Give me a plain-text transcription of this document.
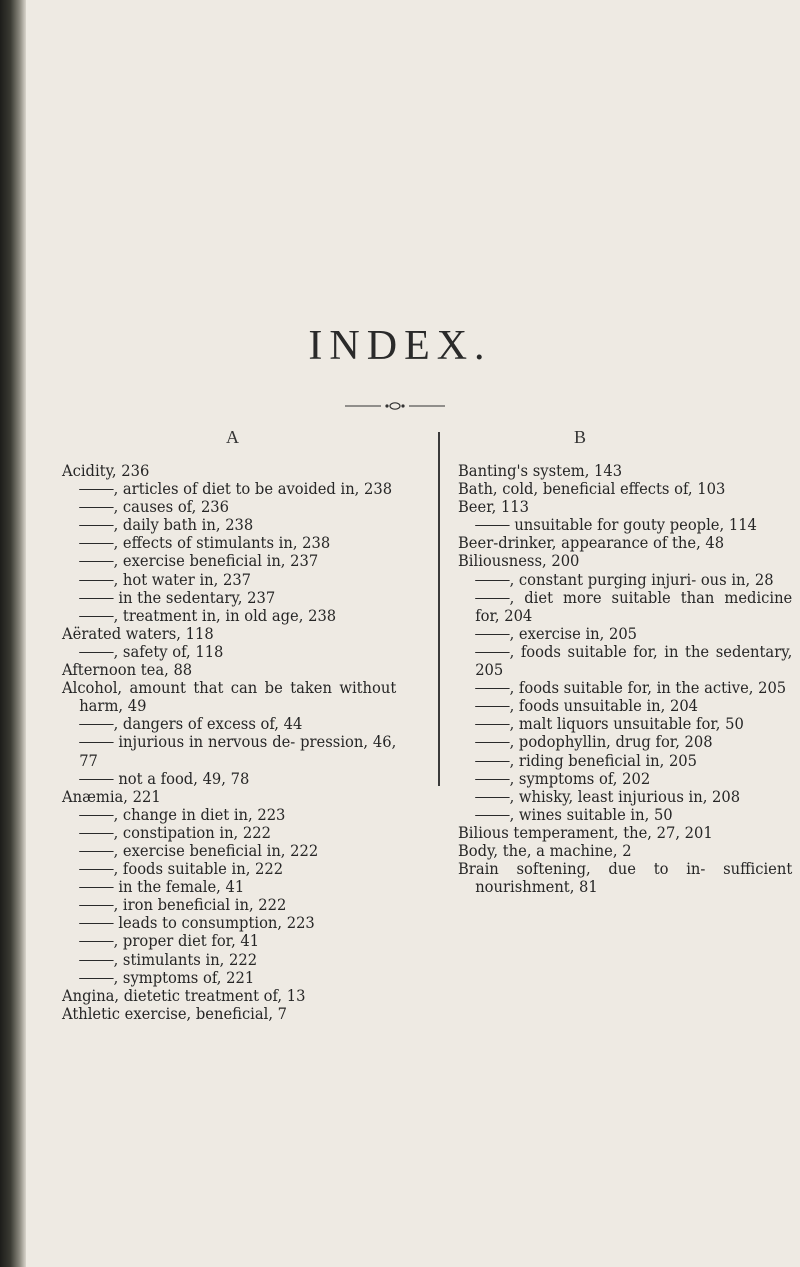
INDEX.
A	B
Acidity, 236
, articles of diet to be avoided in, 238
, causes of, 236
, daily bath in, 238
, effects of stimulants in, 238
, exercise beneficial in, 237
, hot water in, 237
in the sedentary, 237
, treatment in, in old age, 238
Aërated waters, 118
, safety of, 118
Afternoon tea, 88
Alcohol, amount that can be taken without harm, 49
, dangers of excess of, 44
injurious in nervous de- pression, 46, 77
not a food, 49, 78
Anæmia, 221
, change in diet in, 223
, constipation in, 222
, exercise beneficial in, 222
, foods suitable in, 222
in the female, 41
, iron beneficial in, 222
leads to consumption, 223
, proper diet for, 41
, stimulants in, 222
, symptoms of, 221
Angina, dietetic treatment of, 13
Athletic exercise, beneficial, 7
Banting's system, 143
Bath, cold, beneficial effects of, 103
Beer, 113
unsuitable for gouty people, 114
Beer-drinker, appearance of the, 48
Biliousness, 200
, constant purging injuri- ous in, 28
, diet more suitable than medicine for, 204
, exercise in, 205
, foods suitable for, in the sedentary, 205
, foods suitable for, in the active, 205
, foods unsuitable in, 204
, malt liquors unsuitable for, 50
, podophyllin, drug for, 208
, riding beneficial in, 205
, symptoms of, 202
, whisky, least injurious in, 208
, wines suitable in, 50
Bilious temperament, the, 27, 201
Body, the, a machine, 2
Brain softening, due to in- sufficient nourishment, 81
